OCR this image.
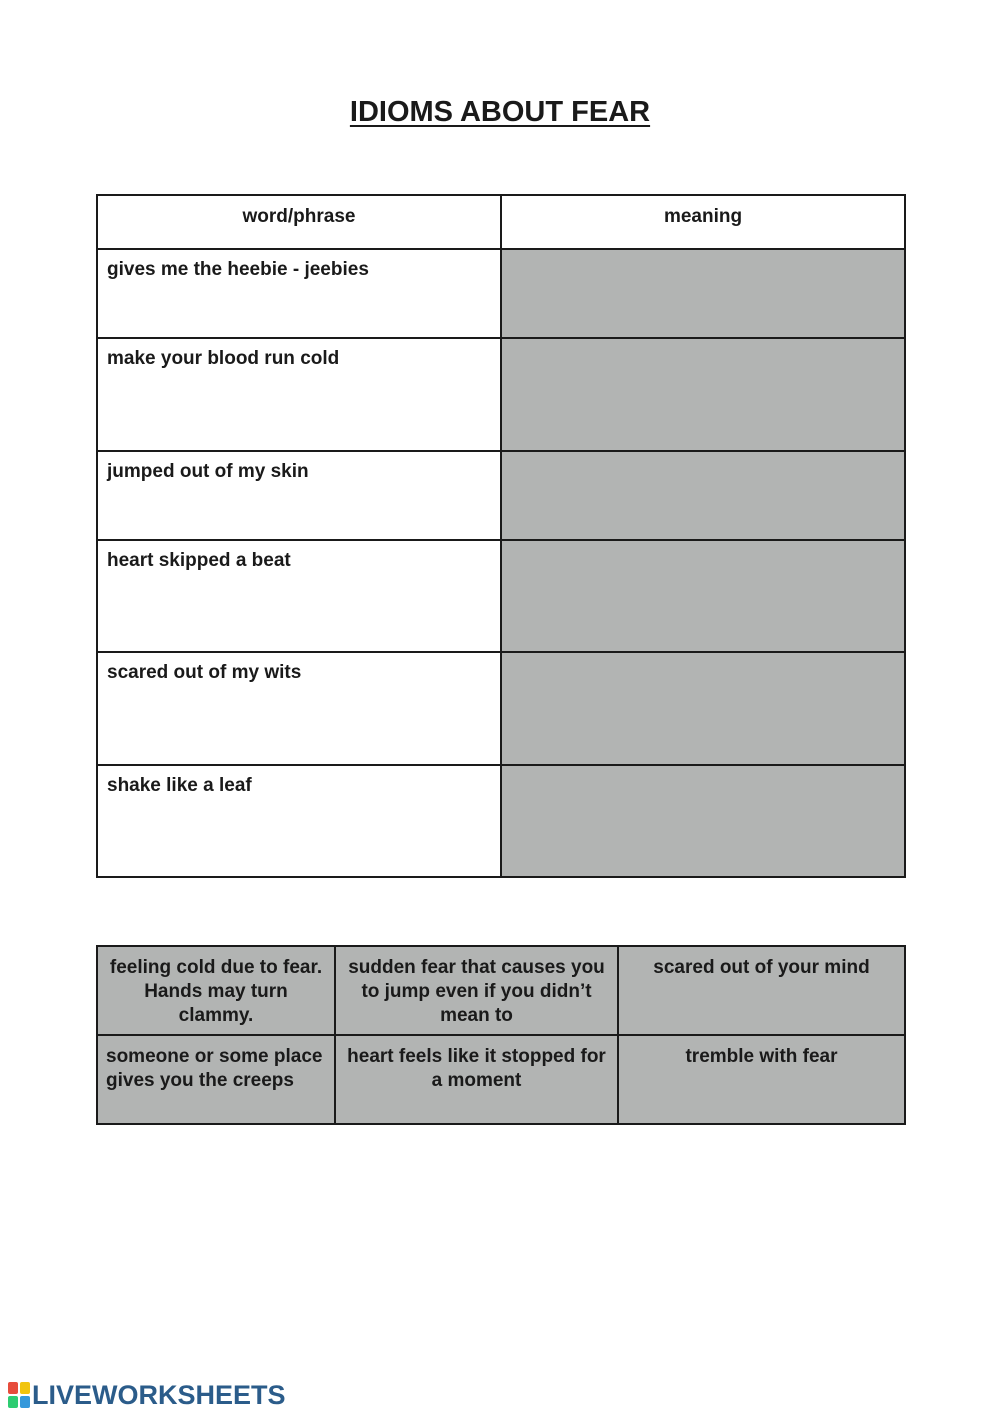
IDIOMS ABOUT FEAR
word/phrase	meaning
gives me the heebie - jeebies	
make your blood run cold	
jumped out of my skin	
heart skipped a beat	
scared out of my wits	
shake like a leaf	
feeling cold due to fear. Hands may turn clammy.	sudden fear that causes you to jump even if you didn’t mean to	scared out of your mind
someone or some place gives you the creeps	heart feels like it stopped for a moment	tremble with fear
LIVEWORKSHEETS
